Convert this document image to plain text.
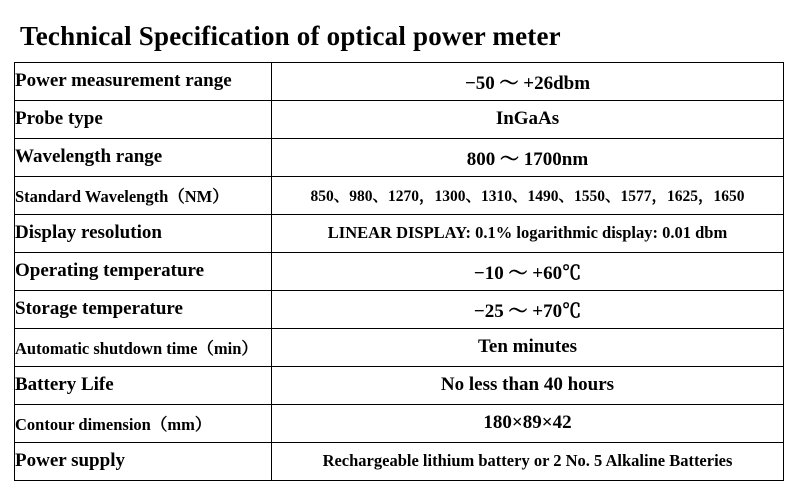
Technical Specification of optical power meter
Power measurement range	−50 ～ +26dbm
Probe type	InGaAs
Wavelength range	800 ～ 1700nm
Standard Wavelength（NM）	850、980、1270，1300、1310、1490、1550、1577，1625，1650
Display resolution	LINEAR DISPLAY: 0.1% logarithmic display: 0.01 dbm
Operating temperature	−10 ～ +60℃
Storage temperature	−25 ～ +70℃
Automatic shutdown time（min）	Ten minutes
Battery Life	No less than 40 hours
Contour dimension（mm）	180×89×42
Power supply	Rechargeable lithium battery or 2 No. 5 Alkaline Batteries
